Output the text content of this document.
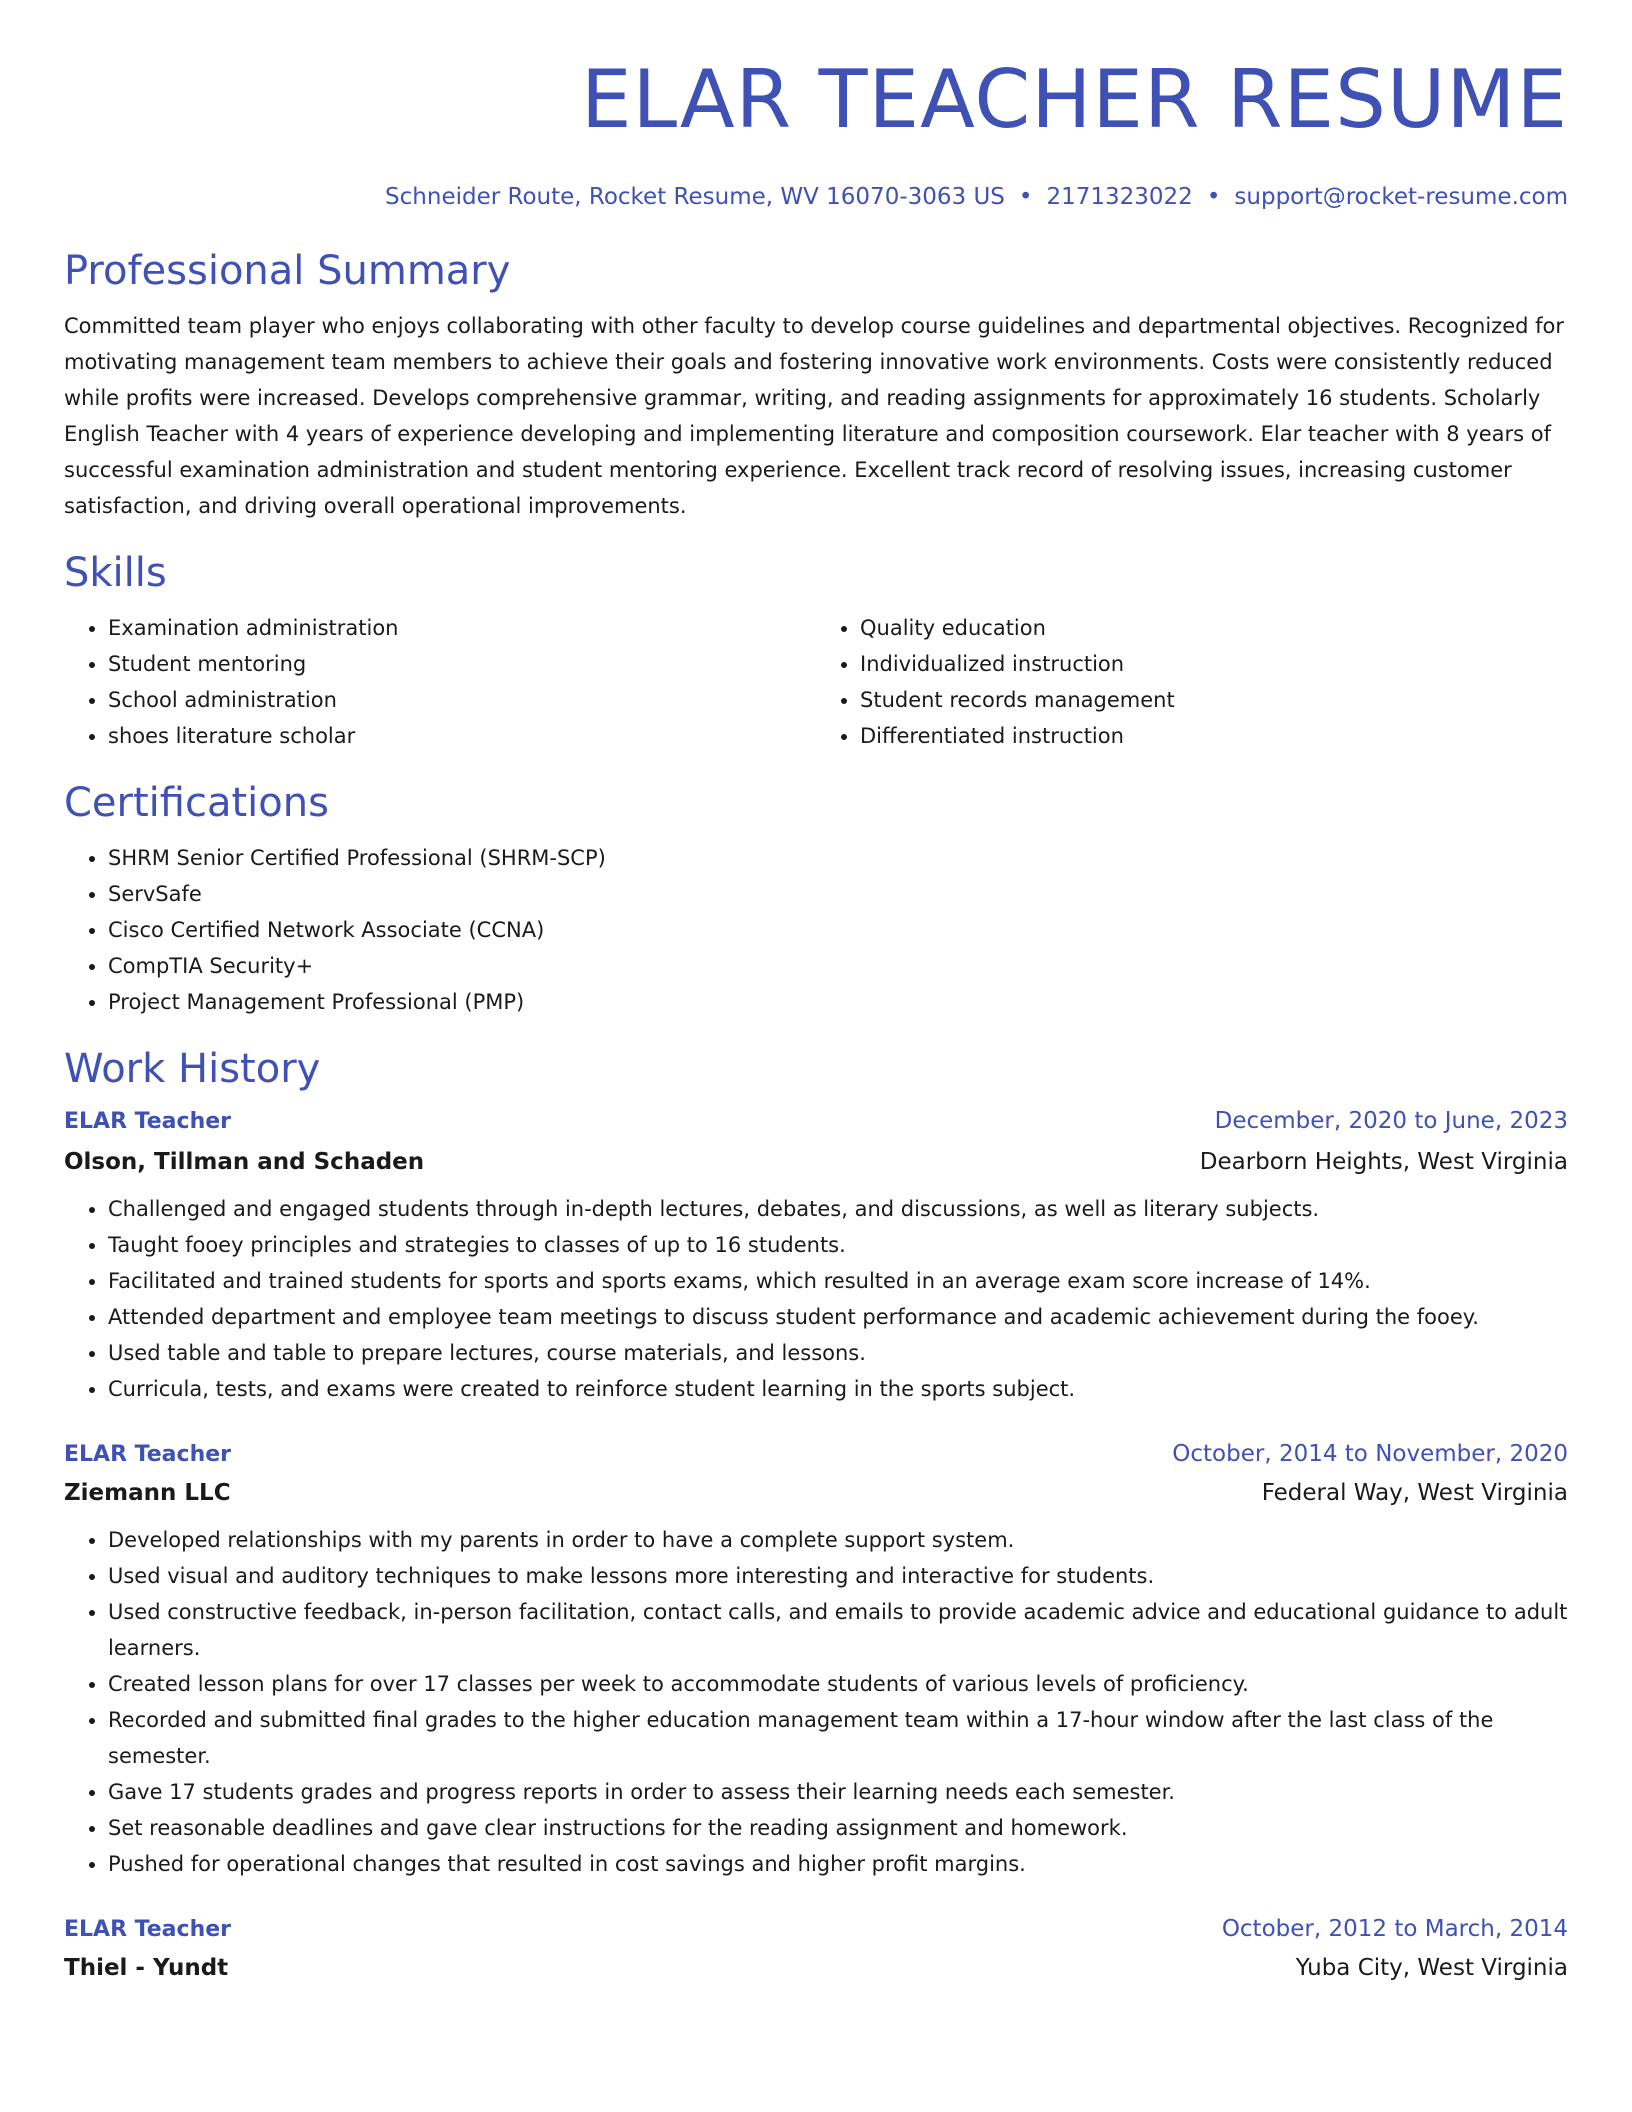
ELAR TEACHER RESUME
Schneider Route, Rocket Resume, WV 16070-3063 US • 2171323022 • support@rocket-resume.com
Professional Summary

Committed team player who enjoys collaborating with other faculty to develop course guidelines and departmental objectives. Recognized for motivating management team members to achieve their goals and fostering innovative work environments. Costs were consistently reduced while profits were increased. Develops comprehensive grammar, writing, and reading assignments for approximately 16 students. Scholarly English Teacher with 4 years of experience developing and implementing literature and composition coursework. Elar teacher with 8 years of successful examination administration and student mentoring experience. Excellent track record of resolving issues, increasing customer satisfaction, and driving overall operational improvements.

Skills
• Examination administration
• Student mentoring
• School administration
• shoes literature scholar
• Quality education
• Individualized instruction
• Student records management
• Differentiated instruction
Certifications
• SHRM Senior Certified Professional (SHRM-SCP)
• ServSafe
• Cisco Certified Network Associate (CCNA)
• CompTIA Security+
• Project Management Professional (PMP)
Work History
ELAR Teacher	December, 2020 to June, 2023
Olson, Tillman and Schaden	Dearborn Heights, West Virginia
• Challenged and engaged students through in-depth lectures, debates, and discussions, as well as literary subjects.
• Taught fooey principles and strategies to classes of up to 16 students.
• Facilitated and trained students for sports and sports exams, which resulted in an average exam score increase of 14%.
• Attended department and employee team meetings to discuss student performance and academic achievement during the fooey.
• Used table and table to prepare lectures, course materials, and lessons.
• Curricula, tests, and exams were created to reinforce student learning in the sports subject.
ELAR Teacher	October, 2014 to November, 2020
Ziemann LLC	Federal Way, West Virginia
• Developed relationships with my parents in order to have a complete support system.
• Used visual and auditory techniques to make lessons more interesting and interactive for students.
• Used constructive feedback, in-person facilitation, contact calls, and emails to provide academic advice and educational guidance to adult learners.
• Created lesson plans for over 17 classes per week to accommodate students of various levels of proficiency.
• Recorded and submitted final grades to the higher education management team within a 17-hour window after the last class of the semester.
• Gave 17 students grades and progress reports in order to assess their learning needs each semester.
• Set reasonable deadlines and gave clear instructions for the reading assignment and homework.
• Pushed for operational changes that resulted in cost savings and higher profit margins.
ELAR Teacher	October, 2012 to March, 2014
Thiel - Yundt	Yuba City, West Virginia
